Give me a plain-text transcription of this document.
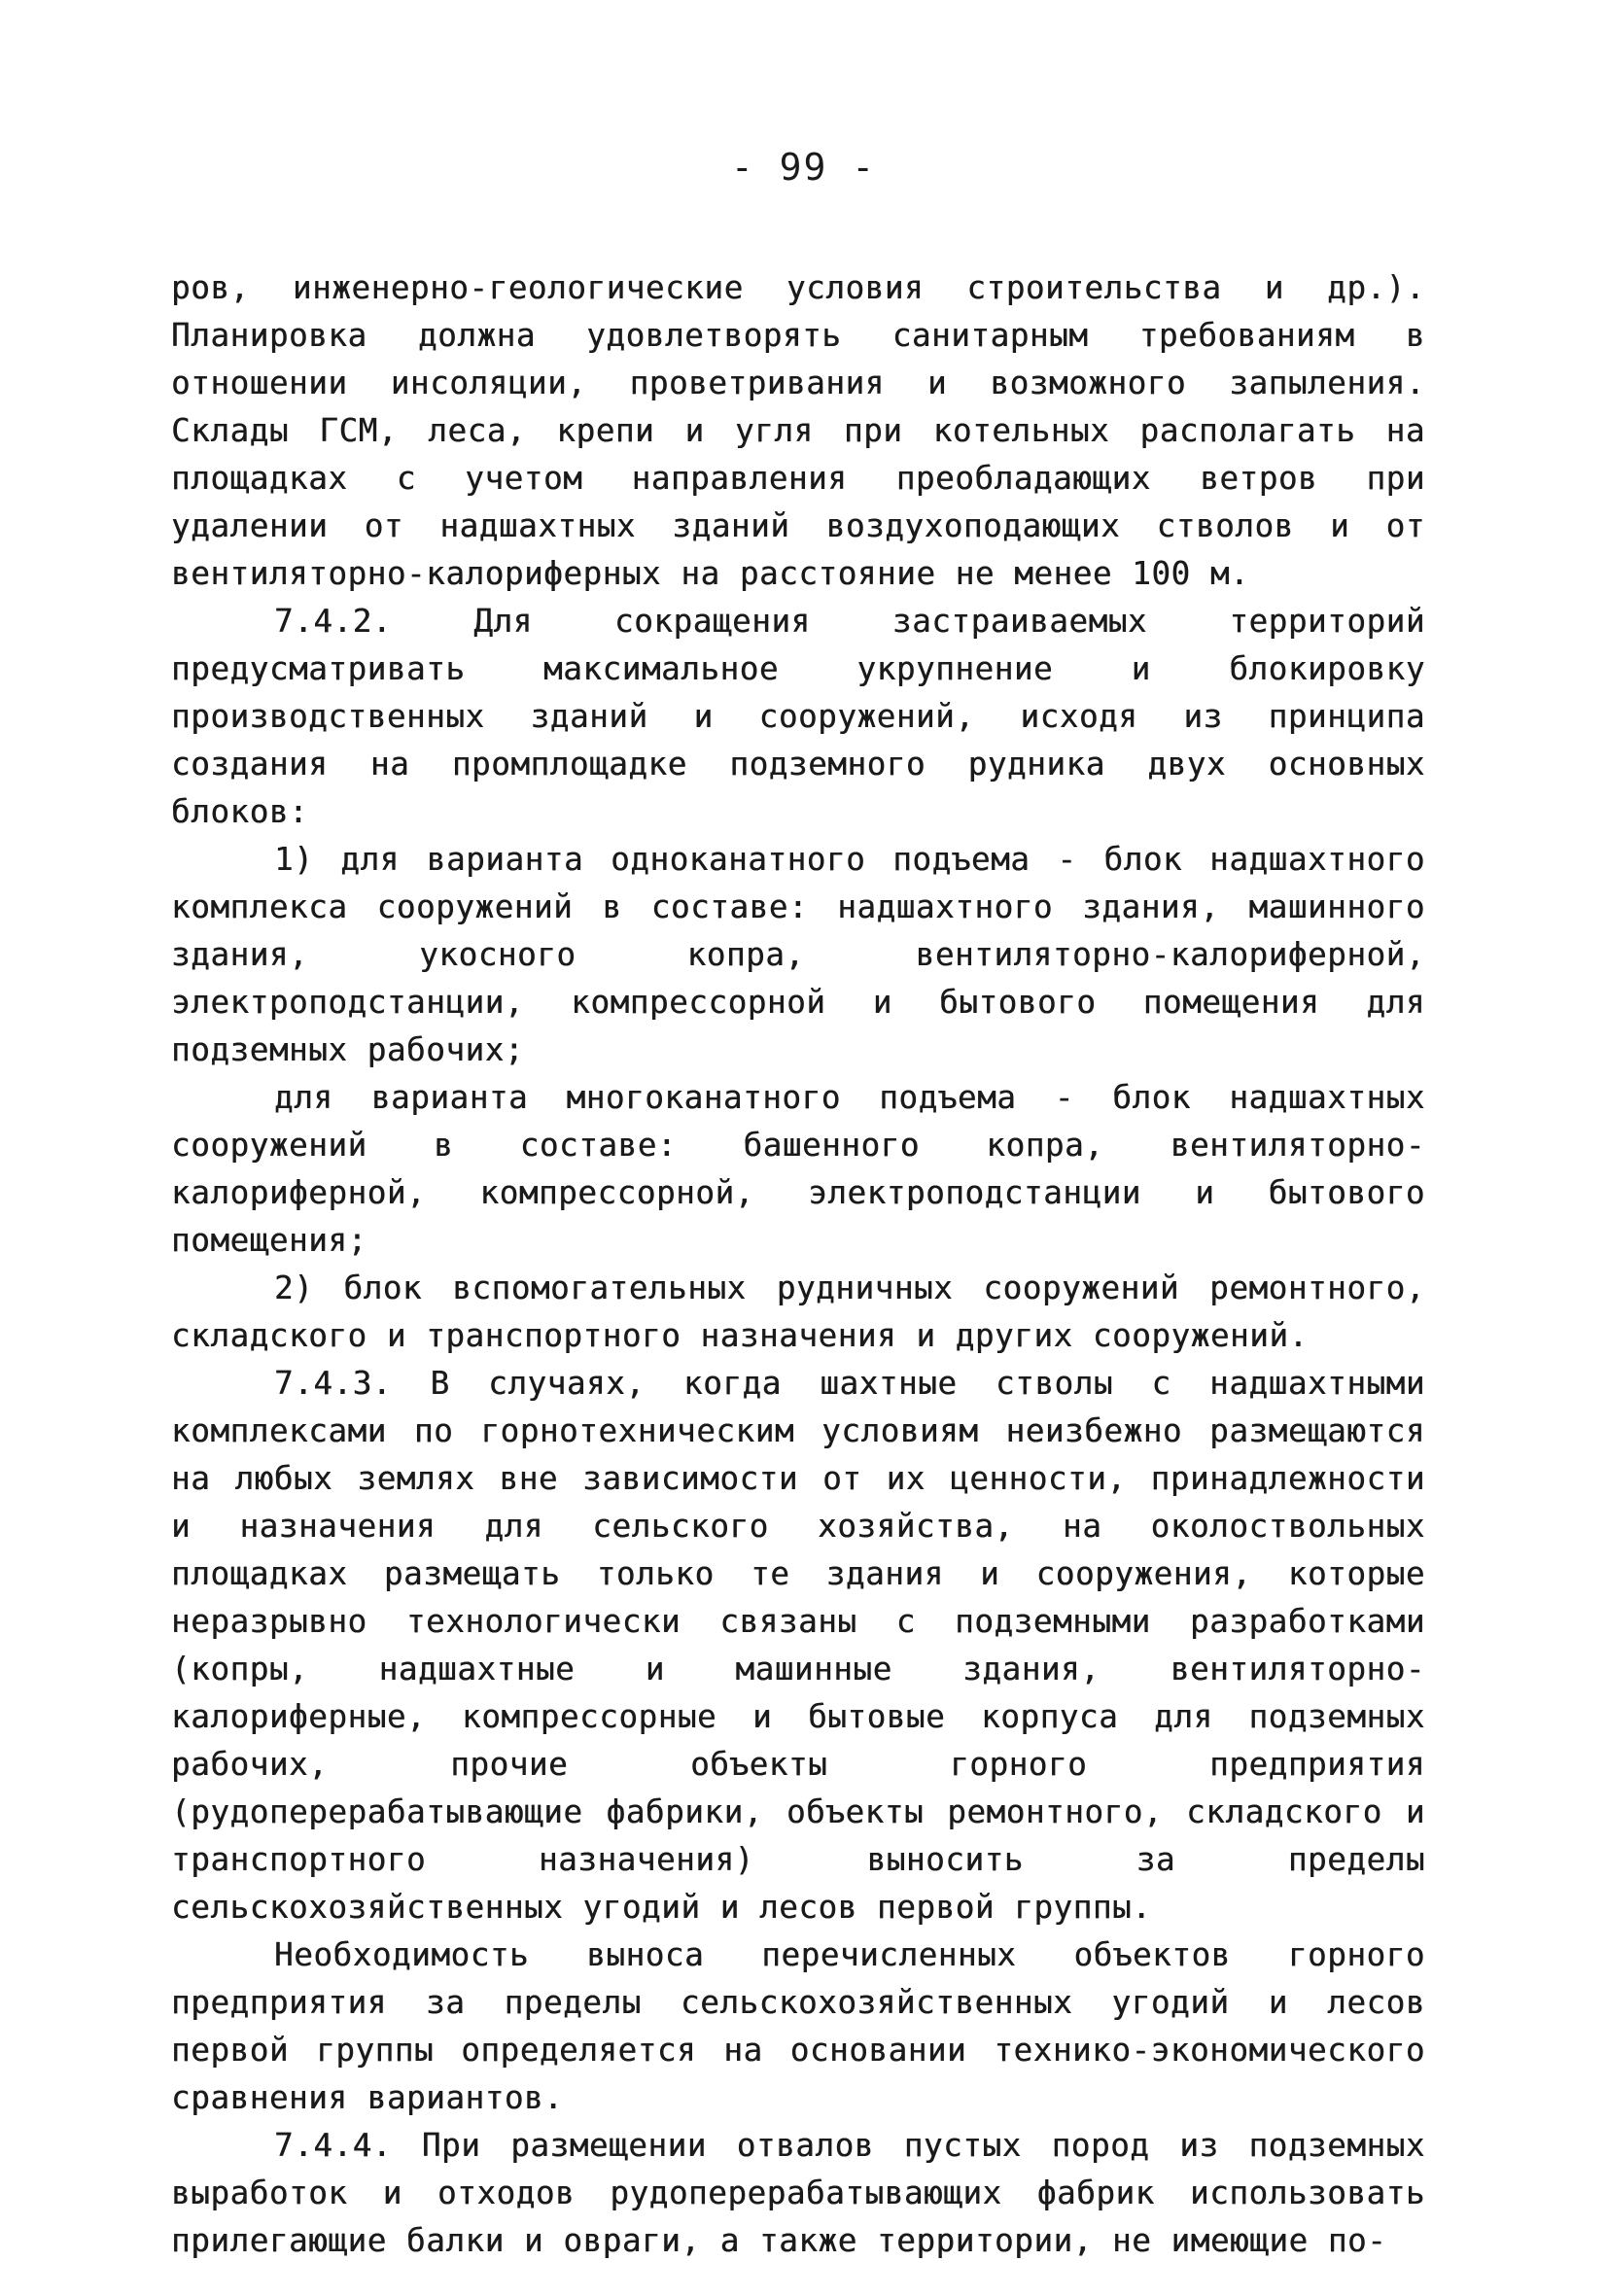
- 99 -

ров, инженерно-геологические условия строительства и др.). Планировка должна удовлетворять санитарным требованиям в отношении инсоляции, проветривания и возможного запыления. Склады ГСМ, леса, крепи и угля при котельных располагать на площадках с учетом направления преобладающих ветров при удалении от надшахтных зданий воздухоподающих стволов и от вентиляторно-калориферных на расстояние не менее 100 м.

7.4.2. Для сокращения застраиваемых территорий предусматривать максимальное укрупнение и блокировку производственных зданий и сооружений, исходя из принципа создания на промплощадке подземного рудника двух основных блоков:

1) для варианта одноканатного подъема - блок надшахтного комплекса сооружений в составе: надшахтного здания, машинного здания, укосного копра, вентиляторно-калориферной, электроподстанции, компрессорной и бытового помещения для подземных рабочих;

для варианта многоканатного подъема - блок надшахтных сооружений в составе: башенного копра, вентиляторно-калориферной, компрессорной, электроподстанции и бытового помещения;

2) блок вспомогательных рудничных сооружений ремонтного, складского и транспортного назначения и других сооружений.

7.4.3. В случаях, когда шахтные стволы с надшахтными комплексами по горнотехническим условиям неизбежно размещаются на любых землях вне зависимости от их ценности, принадлежности и назначения для сельского хозяйства, на околоствольных площадках размещать только те здания и сооружения, которые неразрывно технологически связаны с подземными разработками (копры, надшахтные и машинные здания, вентиляторно-калориферные, компрессорные и бытовые корпуса для подземных рабочих, прочие объекты горного предприятия (рудоперерабатывающие фабрики, объекты ремонтного, складского и транспортного назначения) выносить за пределы сельскохозяйственных угодий и лесов первой группы.

Необходимость выноса перечисленных объектов горного предприятия за пределы сельскохозяйственных угодий и лесов первой группы определяется на основании технико-экономического сравнения вариантов.

7.4.4. При размещении отвалов пустых пород из подземных выработок и отходов рудоперерабатывающих фабрик использовать прилегающие балки и овраги, а также территории, не имеющие по-
